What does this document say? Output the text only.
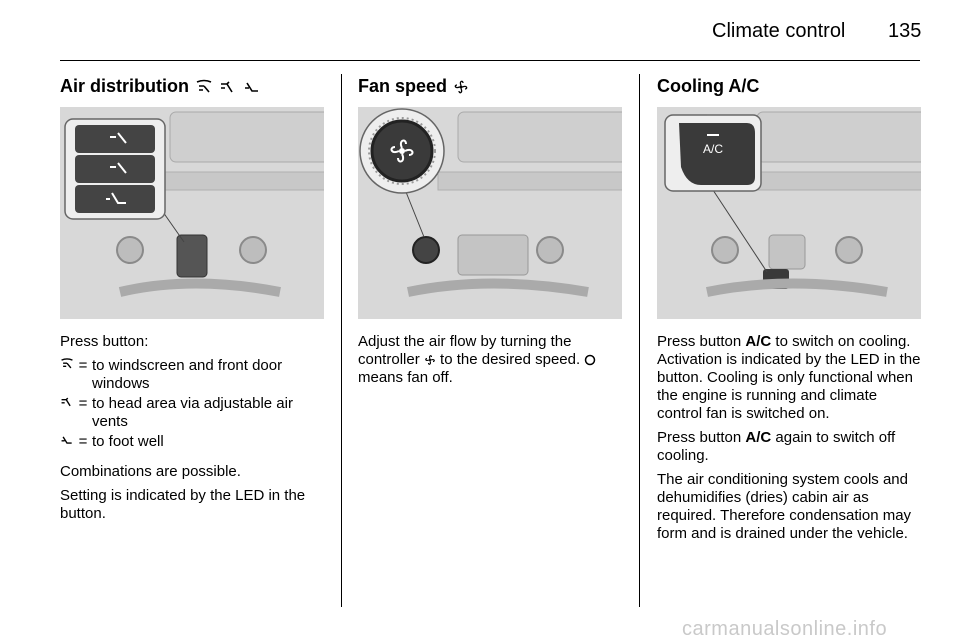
Climate control 135
Air distribution

Press button:

= to windscreen and front door windows
= to head area via adjustable air vents
= to foot well

Combinations are possible.

Setting is indicated by the LED in the button.

Fan speed

Adjust the air flow by turning the controller to the desired speed.  means fan off.

Cooling A/C
A/C

Press button A/C to switch on cooling. Activation is indicated by the LED in the button. Cooling is only functional when the engine is running and climate control fan is switched on.

Press button A/C again to switch off cooling.

The air conditioning system cools and dehumidifies (dries) cabin air as required. Therefore condensation may form and is drained under the vehicle.

carmanualsonline.info
